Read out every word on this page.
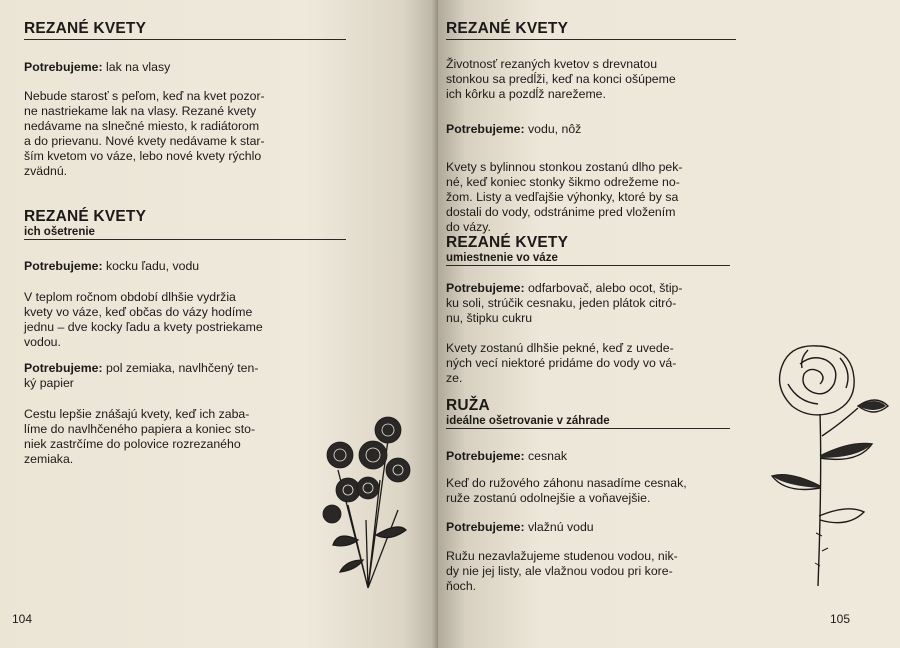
REZANÉ KVETY

Potrebujeme: lak na vlasy

Nebude starosť s peľom, keď na kvet pozor-

ne nastriekame lak na vlasy. Rezané kvety

nedávame na slnečné miesto, k radiátorom

a do prievanu. Nové kvety nedávame k star-

ším kvetom vo váze, lebo nové kvety rýchlo

zvädnú.

REZANÉ KVETY
ich ošetrenie

Potrebujeme: kocku ľadu, vodu

V teplom ročnom období dlhšie vydržia

kvety vo váze, keď občas do vázy hodíme

jednu – dve kocky ľadu a kvety postriekame

vodou.

Potrebujeme: pol zemiaka, navlhčený ten-

ký papier

Cestu lepšie znášajú kvety, keď ich zaba-

líme do navlhčeného papiera a koniec sto-

niek zastrčíme do polovice rozrezaného

zemiaka.

104
REZANÉ KVETY

Životnosť rezaných kvetov s drevnatou

stonkou sa predĺži, keď na konci ošúpeme

ich kôrku a pozdĺž narežeme.

Potrebujeme: vodu, nôž

Kvety s bylinnou stonkou zostanú dlho pek-

né, keď koniec stonky šikmo odrežeme no-

žom. Listy a vedľajšie výhonky, ktoré by sa

dostali do vody, odstránime pred vložením

do vázy.

REZANÉ KVETY
umiestnenie vo váze

Potrebujeme: odfarbovač, alebo ocot, štip-

ku soli, strúčik cesnaku, jeden plátok citró-

nu, štipku cukru

Kvety zostanú dlhšie pekné, keď z uvede-

ných vecí niektoré pridáme do vody vo vá-

ze.

RUŽA
ideálne ošetrovanie v záhrade

Potrebujeme: cesnak

Keď do ružového záhonu nasadíme cesnak,

ruže zostanú odolnejšie a voňavejšie.

Potrebujeme: vlažnú vodu

Ružu nezavlažujeme studenou vodou, nik-

dy nie jej listy, ale vlažnou vodou pri kore-

ňoch.

105
